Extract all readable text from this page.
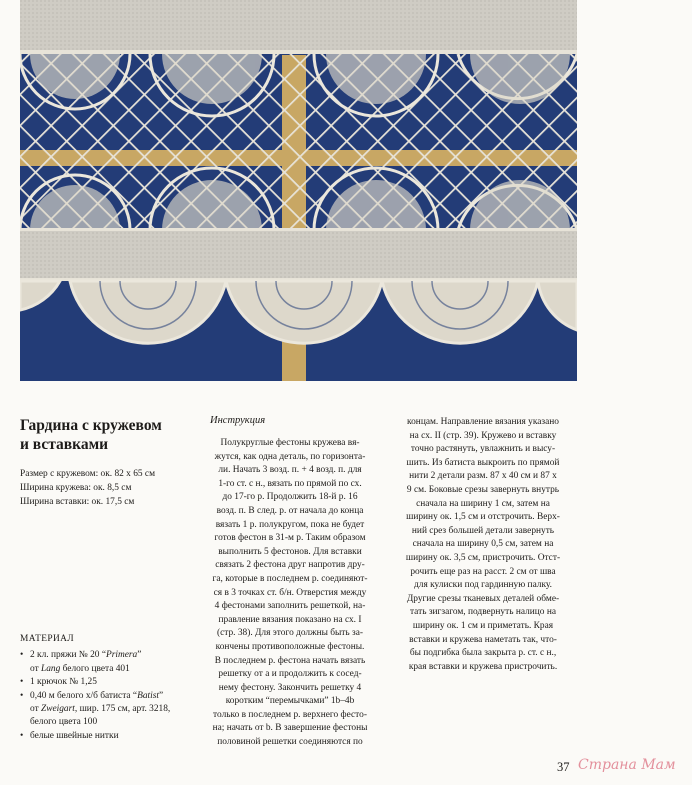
Гардина с кружевом
и вставками
Размер с кружевом: ок. 82 х 65 см
Ширина кружева: ок. 8,5 см
Ширина вставки: ок. 17,5 см
МАТЕРИАЛ
• 2 кл. пряжи № 20 “Primera”
от Lang белого цвета 401
• 1 крючок № 1,25
• 0,40 м белого х/б батиста “Batist”
от Zweigart, шир. 175 см, арт. 3218,
белого цвета 100
• белые швейные нитки
Инструкция
Полукруглые фестоны кружева вя-
жутся, как одна деталь, по горизонта-
ли. Начать 3 возд. п. + 4 возд. п. для
1-го ст. с н., вязать по прямой по сх.
до 17-го р. Продолжить 18-й р. 16
возд. п. В след. р. от начала до конца
вязать 1 р. полукругом, пока не будет
готов фестон в 31-м р. Таким образом
выполнить 5 фестонов. Для вставки
связать 2 фестона друг напротив дру-
га, которые в последнем р. соединяют-
ся в 3 точках ст. б/н. Отверстия между
4 фестонами заполнить решеткой, на-
правление вязания показано на сх. I
(стр. 38). Для этого должны быть за-
кончены противоположные фестоны.
В последнем р. фестона начать вязать
решетку от a и продолжить к сосед-
нему фестону. Закончить решетку 4
коротким “перемычками” 1b–4b
только в последнем р. верхнего фесто-
на; начать от b. В завершение фестоны
половиной решетки соединяются по
концам. Направление вязания указано
на сх. II (стр. 39). Кружево и вставку
точно растянуть, увлажнить и высу-
шить. Из батиста выкроить по прямой
нити 2 детали разм. 87 х 40 см и 87 х
9 см. Боковые срезы завернуть внутрь
сначала на ширину 1 см, затем на
ширину ок. 1,5 см и отстрочить. Верх-
ний срез большей детали завернуть
сначала на ширину 0,5 см, затем на
ширину ок. 3,5 см, пристрочить. Отст-
рочить еще раз на расст. 2 см от шва
для кулиски под гардинную палку.
Другие срезы тканевых деталей обме-
тать зигзагом, подвернуть налицо на
ширину ок. 1 см и приметать. Края
вставки и кружева наметать так, что-
бы подгибка была закрыта р. ст. с н.,
края вставки и кружева пристрочить.
37 Страна Мам
